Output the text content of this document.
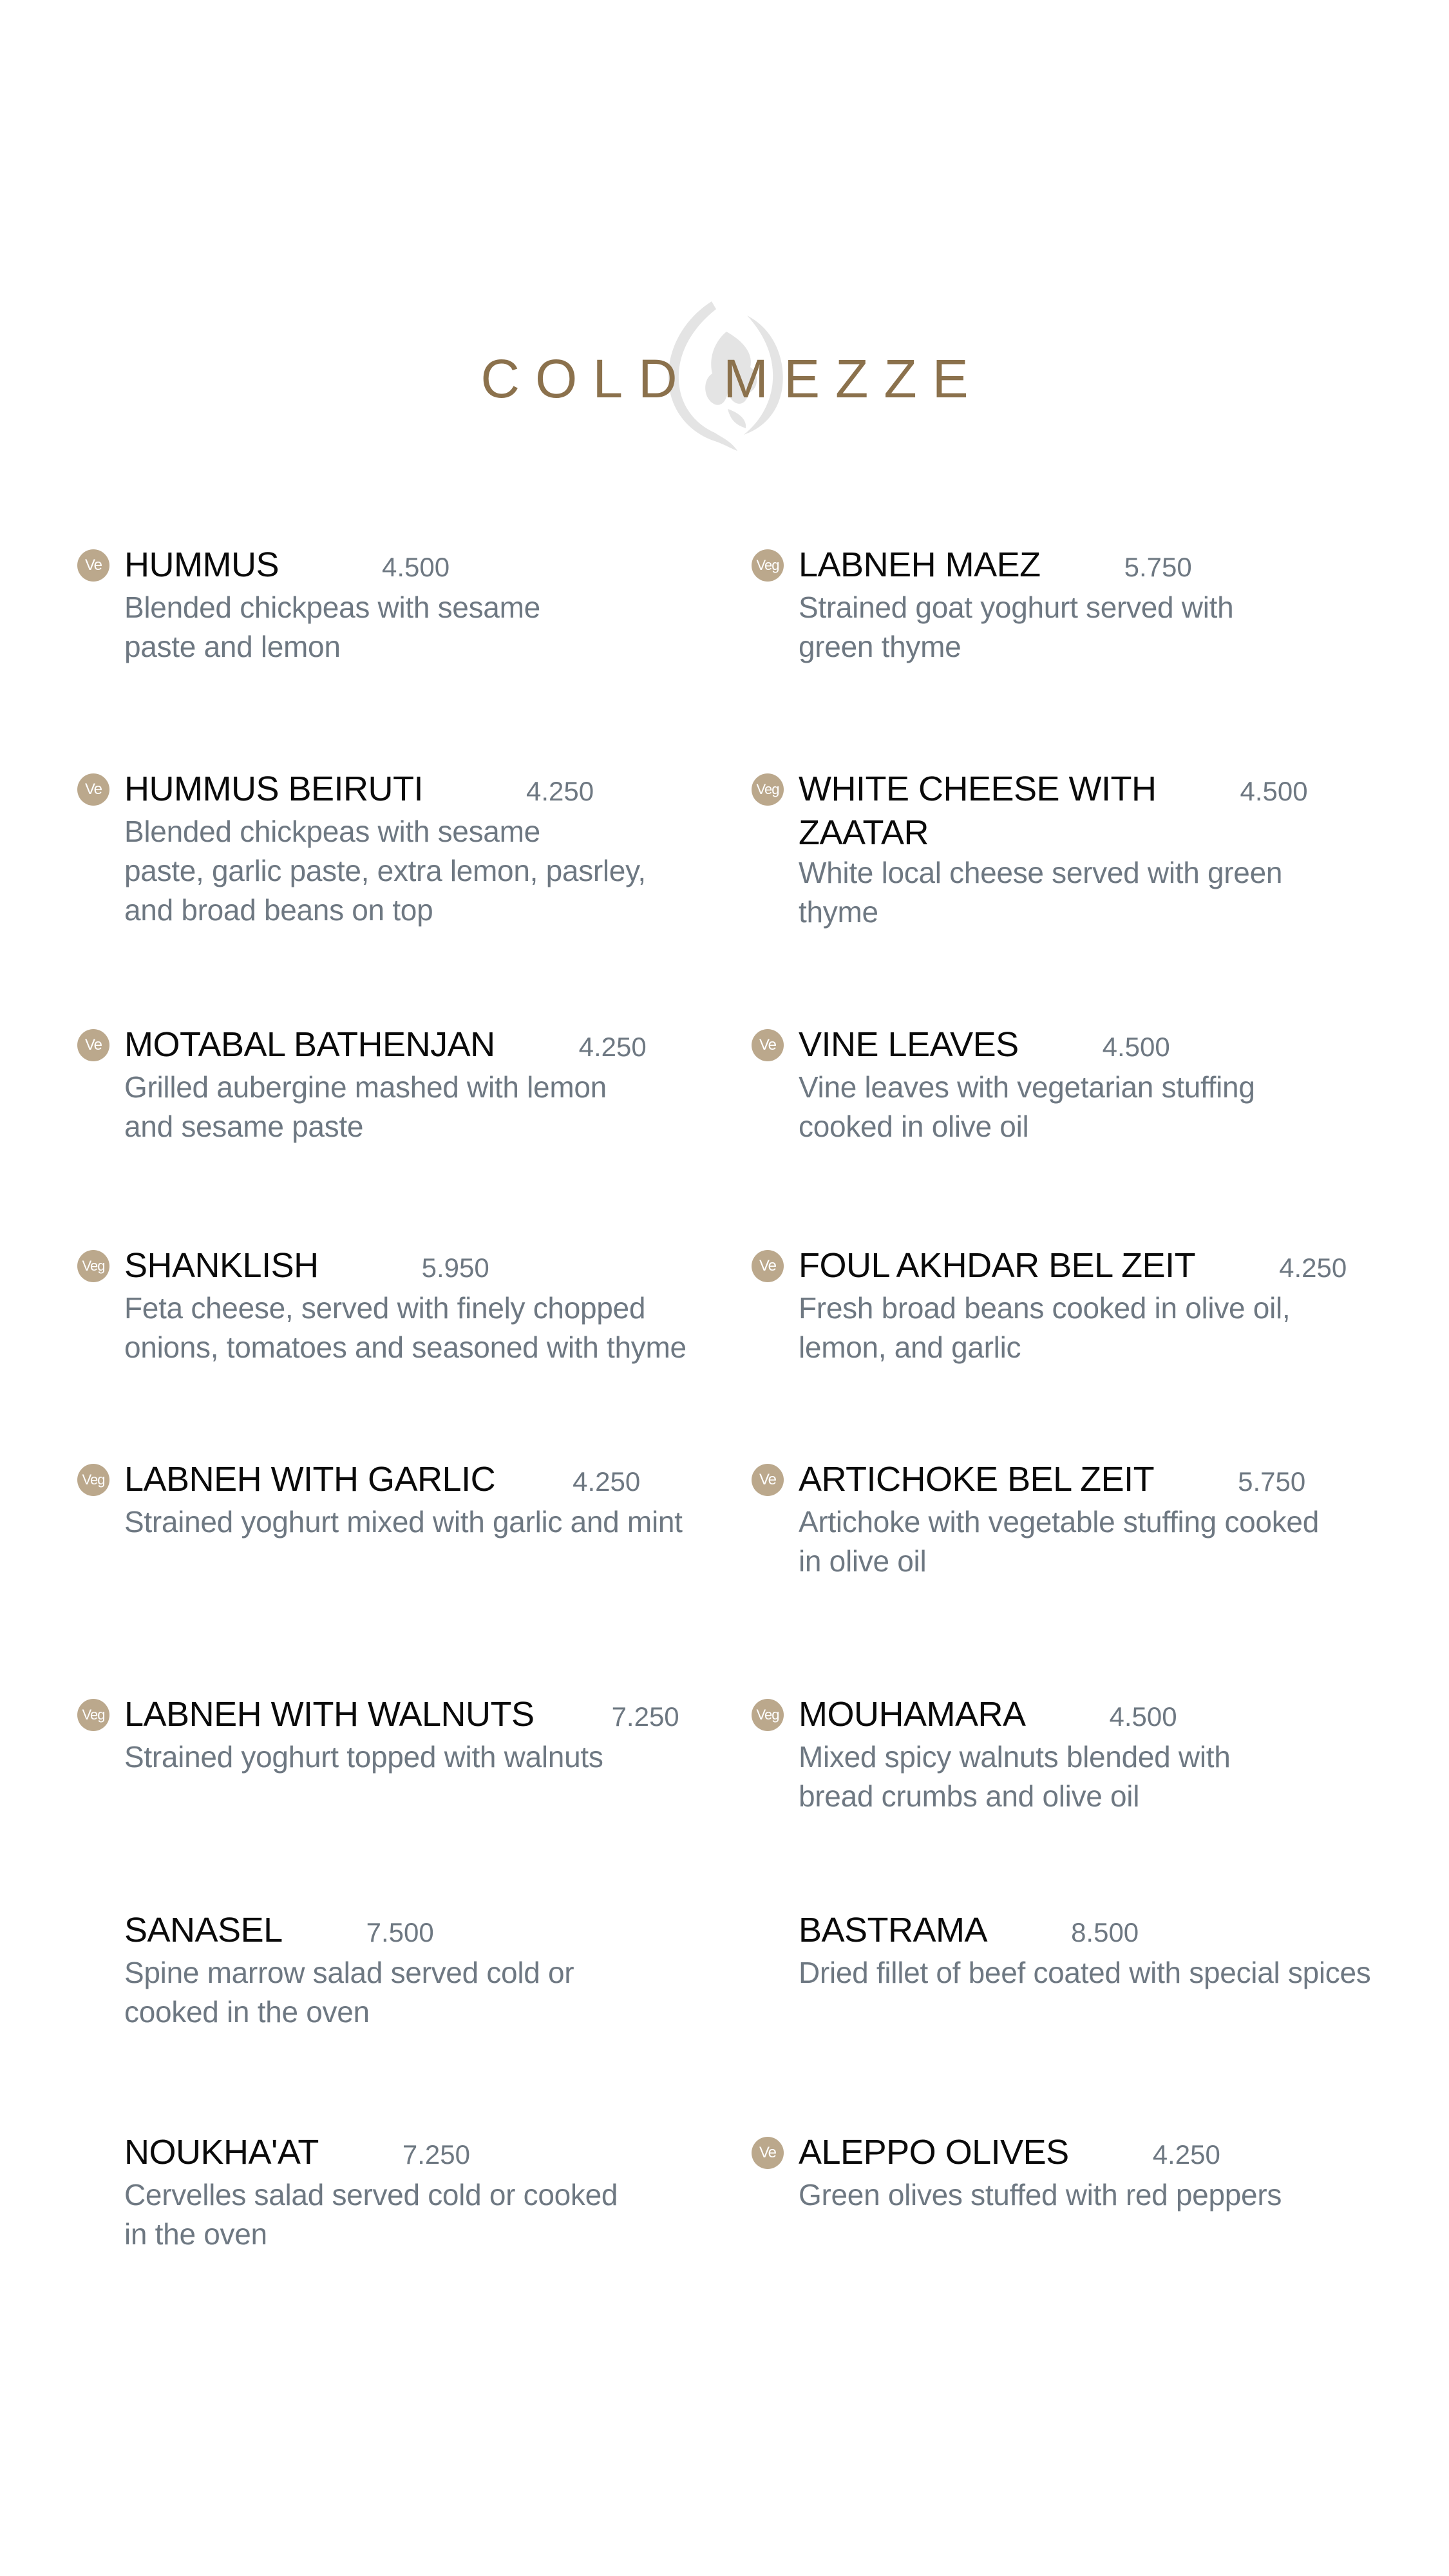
COLD MEZZE
Ve HUMMUS	4.500
Blended chickpeas with sesame
paste and lemon
Ve HUMMUS BEIRUTI	4.250
Blended chickpeas with sesame
paste, garlic paste, extra lemon, pasrley,
and broad beans on top
Ve MOTABAL BATHENJAN	4.250
Grilled aubergine mashed with lemon
and sesame paste
Veg SHANKLISH	5.950
Feta cheese, served with finely chopped
onions, tomatoes and seasoned with thyme
Veg LABNEH WITH GARLIC	4.250
Strained yoghurt mixed with garlic and mint
Veg LABNEH WITH WALNUTS	7.250
Strained yoghurt topped with walnuts
SANASEL	7.500
Spine marrow salad served cold or
cooked in the oven
NOUKHA'AT	7.250
Cervelles salad served cold or cooked
in the oven
Veg LABNEH MAEZ	5.750
Strained goat yoghurt served with
green thyme
Veg WHITE CHEESE WITH	4.500
ZAATAR
White local cheese served with green
thyme
Ve VINE LEAVES	4.500
Vine leaves with vegetarian stuffing
cooked in olive oil
Ve FOUL AKHDAR BEL ZEIT	4.250
Fresh broad beans cooked in olive oil,
lemon, and garlic
Ve ARTICHOKE BEL ZEIT	5.750
Artichoke with vegetable stuffing cooked
in olive oil
Veg MOUHAMARA	4.500
Mixed spicy walnuts blended with
bread crumbs and olive oil
BASTRAMA	8.500
Dried fillet of beef coated with special spices
Ve ALEPPO OLIVES	4.250
Green olives stuffed with red peppers
